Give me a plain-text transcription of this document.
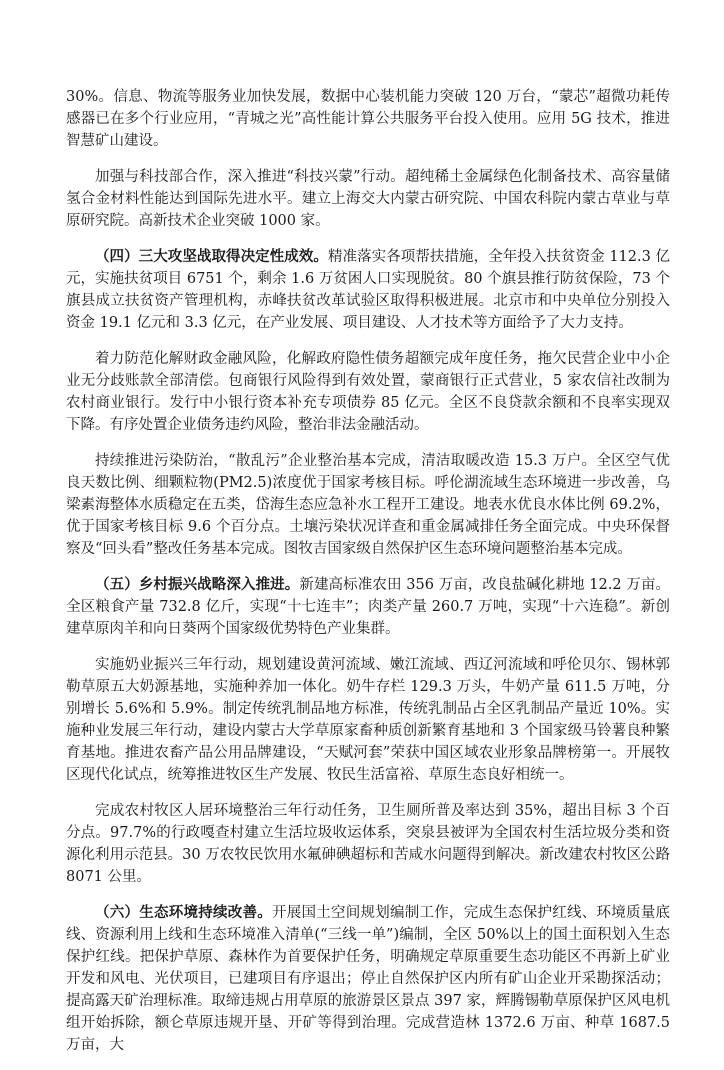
30%。信息、物流等服务业加快发展，数据中心装机能力突破 120 万台，“蒙芯”超微功耗传感器已在多个行业应用，“青城之光”高性能计算公共服务平台投入使用。应用 5G 技术，推进智慧矿山建设。

加强与科技部合作，深入推进“科技兴蒙”行动。超纯稀土金属绿色化制备技术、高容量储氢合金材料性能达到国际先进水平。建立上海交大内蒙古研究院、中国农科院内蒙古草业与草原研究院。高新技术企业突破 1000 家。

（四）三大攻坚战取得决定性成效。精准落实各项帮扶措施，全年投入扶贫资金 112.3 亿元，实施扶贫项目 6751 个，剩余 1.6 万贫困人口实现脱贫。80 个旗县推行防贫保险，73 个旗县成立扶贫资产管理机构，赤峰扶贫改革试验区取得积极进展。北京市和中央单位分别投入资金 19.1 亿元和 3.3 亿元，在产业发展、项目建设、人才技术等方面给予了大力支持。

着力防范化解财政金融风险，化解政府隐性债务超额完成年度任务，拖欠民营企业中小企业无分歧账款全部清偿。包商银行风险得到有效处置，蒙商银行正式营业，5 家农信社改制为农村商业银行。发行中小银行资本补充专项债券 85 亿元。全区不良贷款余额和不良率实现双下降。有序处置企业债务违约风险，整治非法金融活动。

持续推进污染防治，“散乱污”企业整治基本完成，清洁取暖改造 15.3 万户。全区空气优良天数比例、细颗粒物(PM2.5)浓度优于国家考核目标。呼伦湖流域生态环境进一步改善，乌梁素海整体水质稳定在五类，岱海生态应急补水工程开工建设。地表水优良水体比例 69.2%，优于国家考核目标 9.6 个百分点。土壤污染状况详查和重金属减排任务全面完成。中央环保督察及“回头看”整改任务基本完成。图牧吉国家级自然保护区生态环境问题整治基本完成。

（五）乡村振兴战略深入推进。新建高标准农田 356 万亩，改良盐碱化耕地 12.2 万亩。全区粮食产量 732.8 亿斤，实现“十七连丰”；肉类产量 260.7 万吨，实现“十六连稳”。新创建草原肉羊和向日葵两个国家级优势特色产业集群。

实施奶业振兴三年行动，规划建设黄河流域、嫩江流域、西辽河流域和呼伦贝尔、锡林郭勒草原五大奶源基地，实施种养加一体化。奶牛存栏 129.3 万头，牛奶产量 611.5 万吨，分别增长 5.6%和 5.9%。制定传统乳制品地方标准，传统乳制品占全区乳制品产量近 10%。实施种业发展三年行动，建设内蒙古大学草原家畜种质创新繁育基地和 3 个国家级马铃薯良种繁育基地。推进农畜产品公用品牌建设，“天赋河套”荣获中国区域农业形象品牌榜第一。开展牧区现代化试点，统筹推进牧区生产发展、牧民生活富裕、草原生态良好相统一。

完成农村牧区人居环境整治三年行动任务，卫生厕所普及率达到 35%，超出目标 3 个百分点。97.7%的行政嘎查村建立生活垃圾收运体系，突泉县被评为全国农村生活垃圾分类和资源化利用示范县。30 万农牧民饮用水氟砷碘超标和苦咸水问题得到解决。新改建农村牧区公路 8071 公里。

（六）生态环境持续改善。开展国土空间规划编制工作，完成生态保护红线、环境质量底线、资源利用上线和生态环境准入清单(“三线一单”)编制，全区 50%以上的国土面积划入生态保护红线。把保护草原、森林作为首要保护任务，明确规定草原重要生态功能区不再新上矿业开发和风电、光伏项目，已建项目有序退出；停止自然保护区内所有矿山企业开采勘探活动；提高露天矿治理标准。取缔违规占用草原的旅游景区景点 397 家，辉腾锡勒草原保护区风电机组开始拆除，额仑草原违规开垦、开矿等得到治理。完成营造林 1372.6 万亩、种草 1687.5 万亩，大
